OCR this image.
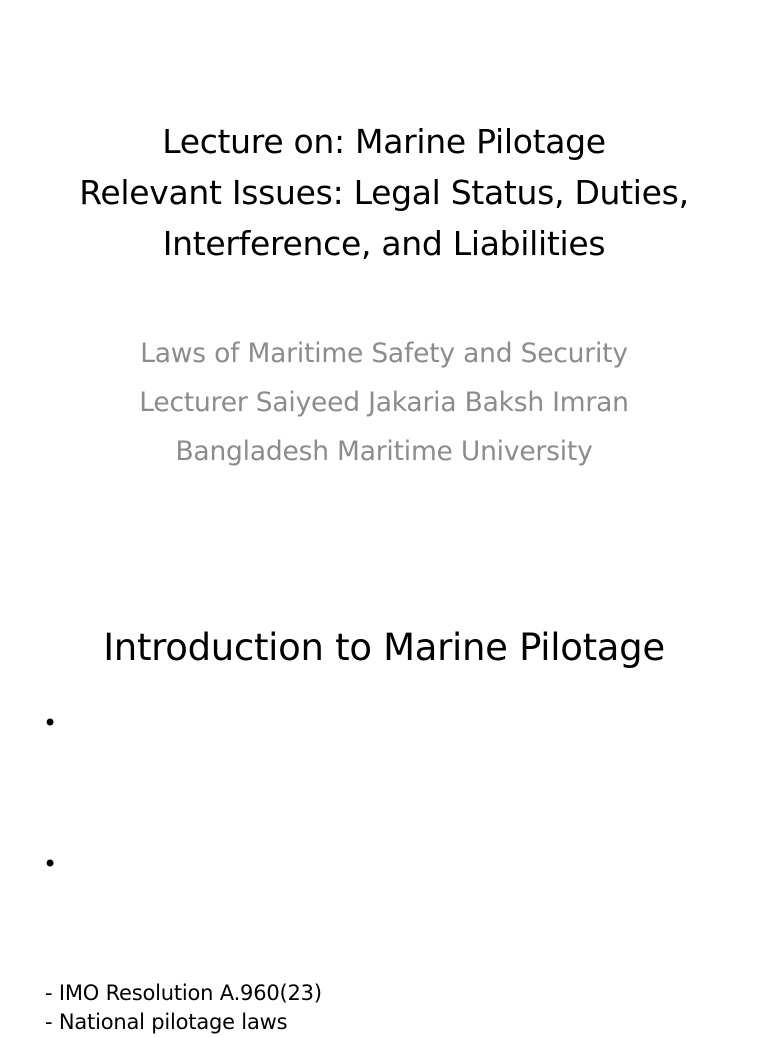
Lecture on: Marine Pilotage
Relevant Issues: Legal Status, Duties,
Interference, and Liabilities
Laws of Maritime Safety and Security
Lecturer Saiyeed Jakaria Baksh Imran
Bangladesh Maritime University
Introduction to Marine Pilotage
•
•
- IMO Resolution A.960(23)
- National pilotage laws
